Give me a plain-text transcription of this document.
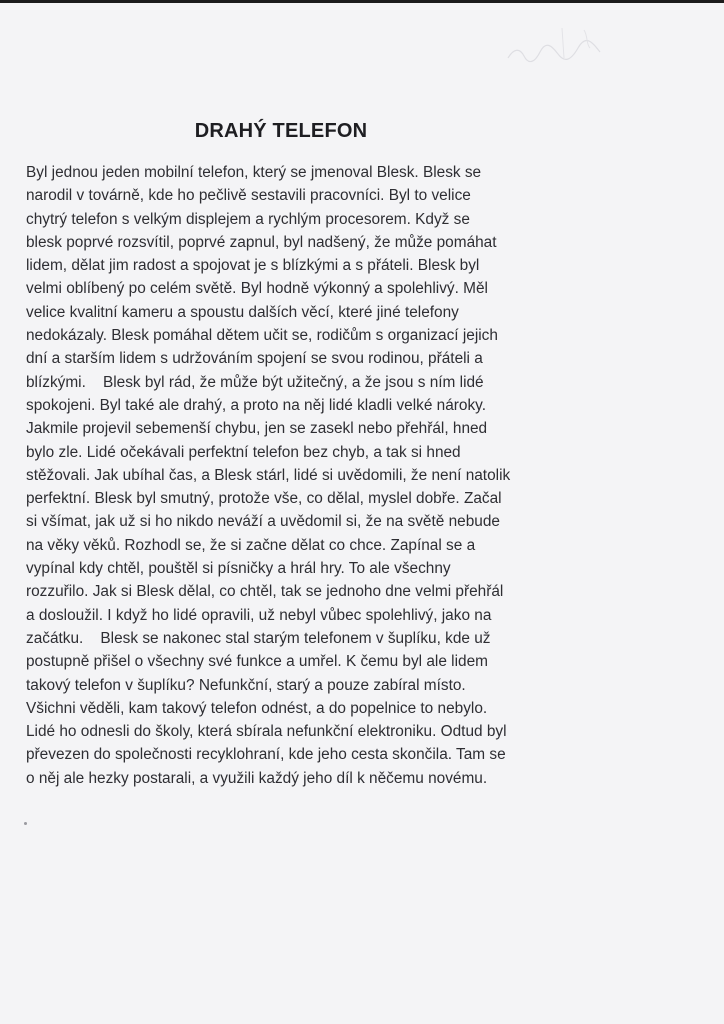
DRAHÝ TELEFON
Byl jednou jeden mobilní telefon, který se jmenoval Blesk. Blesk se
narodil v továrně, kde ho pečlivě sestavili pracovníci. Byl to velice
chytrý telefon s velkým displejem a rychlým procesorem. Když se
blesk poprvé rozsvítil, poprvé zapnul, byl nadšený, že může pomáhat
lidem, dělat jim radost a spojovat je s blízkými a s přáteli. Blesk byl
velmi oblíbený po celém světě. Byl hodně výkonný a spolehlivý. Měl
velice kvalitní kameru a spoustu dalších věcí, které jiné telefony
nedokázaly. Blesk pomáhal dětem učit se, rodičům s organizací jejich
dní a starším lidem s udržováním spojení se svou rodinou, přáteli a
blízkými.    Blesk byl rád, že může být užitečný, a že jsou s ním lidé
spokojeni. Byl také ale drahý, a proto na něj lidé kladli velké nároky.
Jakmile projevil sebemenší chybu, jen se zasekl nebo přehřál, hned
bylo zle. Lidé očekávali perfektní telefon bez chyb, a tak si hned
stěžovali. Jak ubíhal čas, a Blesk stárl, lidé si uvědomili, že není natolik
perfektní. Blesk byl smutný, protože vše, co dělal, myslel dobře. Začal
si všímat, jak už si ho nikdo neváží a uvědomil si, že na světě nebude
na věky věků. Rozhodl se, že si začne dělat co chce. Zapínal se a
vypínal kdy chtěl, pouštěl si písničky a hrál hry. To ale všechny
rozzuřilo. Jak si Blesk dělal, co chtěl, tak se jednoho dne velmi přehřál
a dosloužil. I když ho lidé opravili, už nebyl vůbec spolehlivý, jako na
začátku.    Blesk se nakonec stal starým telefonem v šuplíku, kde už
postupně přišel o všechny své funkce a umřel. K čemu byl ale lidem
takový telefon v šuplíku? Nefunkční, starý a pouze zabíral místo.
Všichni věděli, kam takový telefon odnést, a do popelnice to nebylo.
Lidé ho odnesli do školy, která sbírala nefunkční elektroniku. Odtud byl
převezen do společnosti recyklohraní, kde jeho cesta skončila. Tam se
o něj ale hezky postarali, a využili každý jeho díl k něčemu novému.
